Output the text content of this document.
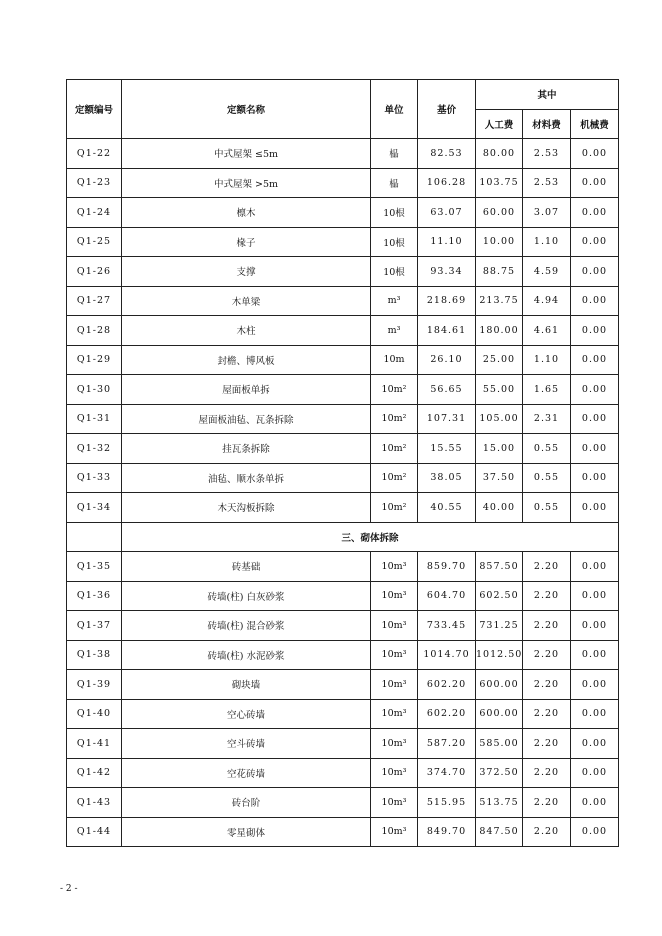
定额编号	定额名称	单位	基价	其中		
				人工费	材料费	机械费
Q1-22	中式屋架 ≤5m	榀	82.53	80.00	2.53	0.00
Q1-23	中式屋架 >5m	榀	106.28	103.75	2.53	0.00
Q1-24	檩木	10根	63.07	60.00	3.07	0.00
Q1-25	椽子	10根	11.10	10.00	1.10	0.00
Q1-26	支撑	10根	93.34	88.75	4.59	0.00
Q1-27	木单梁	m³	218.69	213.75	4.94	0.00
Q1-28	木柱	m³	184.61	180.00	4.61	0.00
Q1-29	封檐、博风板	10m	26.10	25.00	1.10	0.00
Q1-30	屋面板单拆	10m²	56.65	55.00	1.65	0.00
Q1-31	屋面板油毡、瓦条拆除	10m²	107.31	105.00	2.31	0.00
Q1-32	挂瓦条拆除	10m²	15.55	15.00	0.55	0.00
Q1-33	油毡、顺水条单拆	10m²	38.05	37.50	0.55	0.00
Q1-34	木天沟板拆除	10m²	40.55	40.00	0.55	0.00
	三、砌体拆除					
Q1-35	砖基础	10m³	859.70	857.50	2.20	0.00
Q1-36	砖墙(柱) 白灰砂浆	10m³	604.70	602.50	2.20	0.00
Q1-37	砖墙(柱) 混合砂浆	10m³	733.45	731.25	2.20	0.00
Q1-38	砖墙(柱) 水泥砂浆	10m³	1014.70	1012.50	2.20	0.00
Q1-39	砌块墙	10m³	602.20	600.00	2.20	0.00
Q1-40	空心砖墙	10m³	602.20	600.00	2.20	0.00
Q1-41	空斗砖墙	10m³	587.20	585.00	2.20	0.00
Q1-42	空花砖墙	10m³	374.70	372.50	2.20	0.00
Q1-43	砖台阶	10m³	515.95	513.75	2.20	0.00
Q1-44	零星砌体	10m³	849.70	847.50	2.20	0.00
- 2 -
